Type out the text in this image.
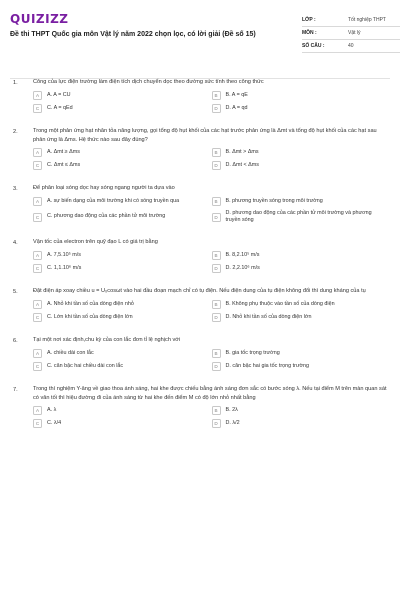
QUIZIZZ
Đề thi THPT Quốc gia môn Vật lý năm 2022 chọn lọc, có lời giải (Đề số 15)
LỚP :	Tốt nghiệp THPT
MÔN :	Vật lý
SỐ CÂU :	40
1.	Công của lực điện trường làm điện tích dịch chuyển dọc theo đường sức tính theo công thức
A	A. A = CU	B	B. A = qE
C	C. A = qEd	D	D. A = qd
2.	Trong một phản ứng hạt nhân tỏa năng lượng, gọi tổng độ hụt khối của các hạt trước phản ứng là Δmt và tổng độ hụt khối của các hạt sau phản ứng là Δms. Hệ thức nào sau đây đúng?
A	A. Δmt ≥ Δms	B	B. Δmt > Δms
C	C. Δmt ≤ Δms	D	D. Δmt < Δms
3.	Để phân loại sóng dọc hay sóng ngang người ta dựa vào
A	A. sự biến dạng của môi trường khi có sóng truyền qua	B	B. phương truyền sóng trong môi trường
C	C. phương dao động của các phần tử môi trường	D
D. phương dao động của các phần tử môi trường và phương truyền sóng
4.	Vận tốc của electron trên quỹ đạo L có giá trị bằng
A	A. 7,5.10⁵ m/s	B	B. 8,2.10⁵ m/s
C	C. 1,1.10⁶ m/s	D	D. 2,2.10⁶ m/s
5.	Đặt điện áp xoay chiều u = U₀cosωt vào hai đầu đoạn mạch chỉ có tụ điện. Nếu điện dung của tụ điện không đổi thì dung kháng của tụ
A	A. Nhỏ khi tần số của dòng điện nhỏ	B	B. Không phụ thuộc vào tần số của dòng điện
C	C. Lớn khi tần số của dòng điện lớn	D	D. Nhỏ khi tần số của dòng điện lớn
6.	Tại một nơi xác định,chu kỳ của con lắc đơn tỉ lệ nghịch với
A	A. chiều dài con lắc	B	B. gia tốc trọng trường
C	C. căn bậc hai chiều dài con lắc	D	D. căn bậc hai gia tốc trọng trường
7.	Trong thí nghiệm Y-âng về giao thoa ánh sáng, hai khe được chiếu bằng ánh sáng đơn sắc có bước sóng λ. Nếu tại điểm M trên màn quan sát có vân tối thì hiệu đường đi của ánh sáng từ hai khe đến điểm M có độ lớn nhỏ nhất bằng
A	A. λ	B	B. 2λ
C	C. λ/4	D	D. λ/2
